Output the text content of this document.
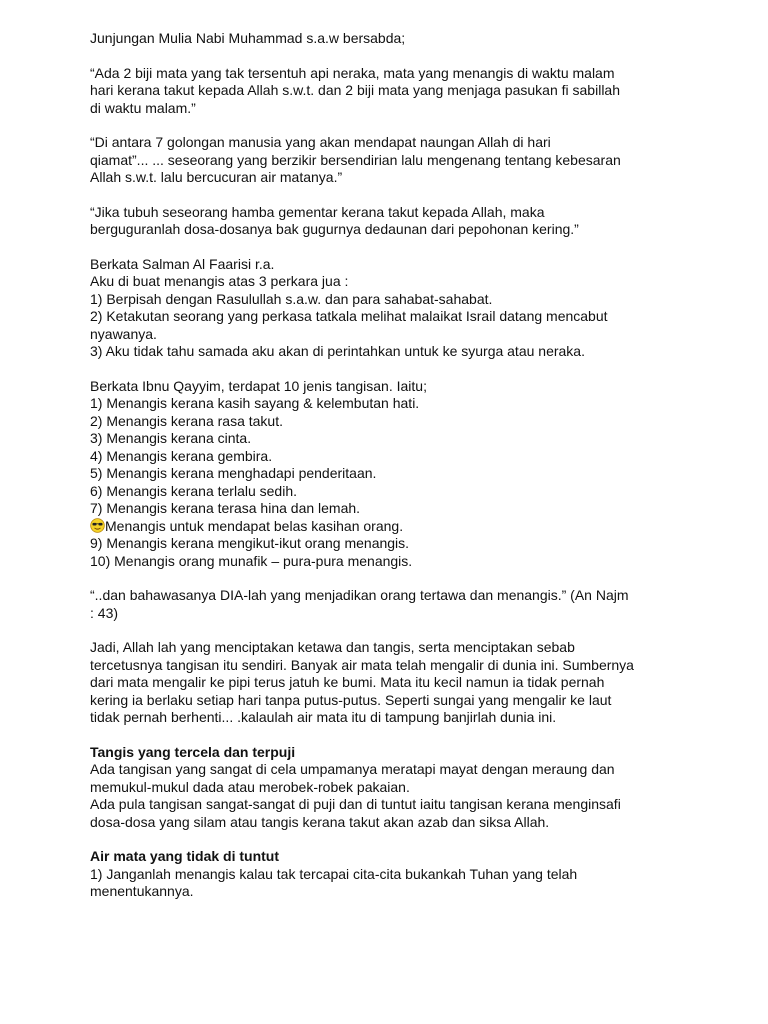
Junjungan Mulia Nabi Muhammad s.a.w bersabda;
“Ada 2 biji mata yang tak tersentuh api neraka, mata yang menangis di waktu malam
hari kerana takut kepada Allah s.w.t. dan 2 biji mata yang menjaga pasukan fi sabillah
di waktu malam.”
“Di antara 7 golongan manusia yang akan mendapat naungan Allah di hari
qiamat”... ... seseorang yang berzikir bersendirian lalu mengenang tentang kebesaran
Allah s.w.t. lalu bercucuran air matanya.”
“Jika tubuh seseorang hamba gementar kerana takut kepada Allah, maka
berguguranlah dosa-dosanya bak gugurnya dedaunan dari pepohonan kering.”
Berkata Salman Al Faarisi r.a.
Aku di buat menangis atas 3 perkara jua :
1) Berpisah dengan Rasulullah s.a.w. dan para sahabat-sahabat.
2) Ketakutan seorang yang perkasa tatkala melihat malaikat Israil datang mencabut
nyawanya.
3) Aku tidak tahu samada aku akan di perintahkan untuk ke syurga atau neraka.
Berkata Ibnu Qayyim, terdapat 10 jenis tangisan. Iaitu;
1) Menangis kerana kasih sayang & kelembutan hati.
2) Menangis kerana rasa takut.
3) Menangis kerana cinta.
4) Menangis kerana gembira.
5) Menangis kerana menghadapi penderitaan.
6) Menangis kerana terlalu sedih.
7) Menangis kerana terasa hina dan lemah.
Menangis untuk mendapat belas kasihan orang.
9) Menangis kerana mengikut-ikut orang menangis.
10) Menangis orang munafik – pura-pura menangis.
“..dan bahawasanya DIA-lah yang menjadikan orang tertawa dan menangis.” (An Najm
: 43)
Jadi, Allah lah yang menciptakan ketawa dan tangis, serta menciptakan sebab
tercetusnya tangisan itu sendiri. Banyak air mata telah mengalir di dunia ini. Sumbernya
dari mata mengalir ke pipi terus jatuh ke bumi. Mata itu kecil namun ia tidak pernah
kering ia berlaku setiap hari tanpa putus-putus. Seperti sungai yang mengalir ke laut
tidak pernah berhenti... .kalaulah air mata itu di tampung banjirlah dunia ini.
Tangis yang tercela dan terpuji
Ada tangisan yang sangat di cela umpamanya meratapi mayat dengan meraung dan
memukul-mukul dada atau merobek-robek pakaian.
Ada pula tangisan sangat-sangat di puji dan di tuntut iaitu tangisan kerana menginsafi
dosa-dosa yang silam atau tangis kerana takut akan azab dan siksa Allah.
Air mata yang tidak di tuntut
1) Janganlah menangis kalau tak tercapai cita-cita bukankah Tuhan yang telah
menentukannya.
